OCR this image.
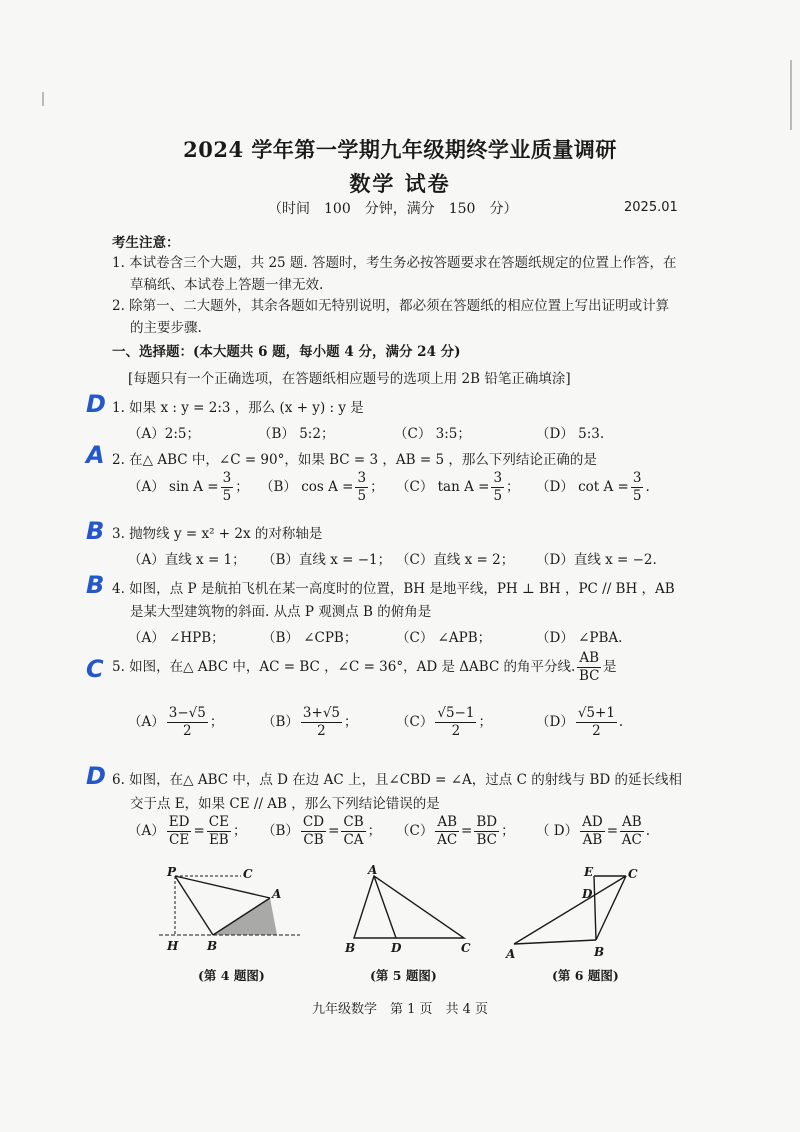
2024 学年第一学期九年级期终学业质量调研
数学 试卷
（时间　100　分钟，满分　150　分）	2025.01
考生注意：
1. 本试卷含三个大题，共 25 题. 答题时，考生务必按答题要求在答题纸规定的位置上作答，在
草稿纸、本试卷上答题一律无效.
2. 除第一、二大题外，其余各题如无特别说明，都必须在答题纸的相应位置上写出证明或计算
的主要步骤.
一、选择题：(本大题共 6 题，每小题 4 分，满分 24 分)
[每题只有一个正确选项，在答题纸相应题号的选项上用 2B 铅笔正确填涂]
D 1. 如果 x : y = 2:3 ，那么 (x + y) : y 是
（A）2:5；	（B） 5:2；	（C） 3:5；	（D） 5:3.
A 2. 在△ ABC 中，∠C = 90°，如果 BC = 3 ，AB = 5 ，那么下列结论正确的是
（A） $\sin A = \frac{3}{5}$ ； （B） $\cos A = \frac{3}{5}$ ； （C） $\tan A = \frac{3}{5}$ ； （D） $\cot A = \frac{3}{5}$ .
B 3. 抛物线 y = x² + 2x 的对称轴是
（A）直线 x = 1； （B）直线 x = −1； （C）直线 x = 2； （D）直线 x = −2.
B 4. 如图，点 P 是航拍飞机在某一高度时的位置，BH 是地平线，PH ⊥ BH ，PC // BH ，AB
是某大型建筑物的斜面. 从点 P 观测点 B 的俯角是
（A） ∠HPB；	（B） ∠CPB；	（C） ∠APB；	（D） ∠PBA.
C 5. 如图，在△ ABC 中，AC = BC ，∠C = 36°，AD 是 ΔABC 的角平分线. $\frac{AB}{BC}$ 是
$(A) \frac{3-√5}{2}$ ；	$(B) \frac{3+√5}{2}$ ；	$(C) \frac{√5-1}{2}$ ；	$(D) \frac{√5+1}{2}$ .
D 6. 如图，在△ ABC 中，点 D 在边 AC 上，且∠CBD = ∠A，过点 C 的射线与 BD 的延长线相
交于点 E，如果 CE // AB ，那么下列结论错误的是
$(A) \frac{ED}{CE} = \frac{CE}{EB}$ ； $(B) \frac{CD}{CB} = \frac{CB}{CA}$ ； $(C) \frac{AB}{AC} = \frac{BD}{BC}$ ； （ $D) \frac{AD}{AB} = \frac{AB}{AC}$ .
P	C
A
H B
(第 4 题图)
A
B	D	C
(第 5 题图)
E	C
D
A	B
(第 6 题图)
九年级数学　第 1 页　共 4 页
